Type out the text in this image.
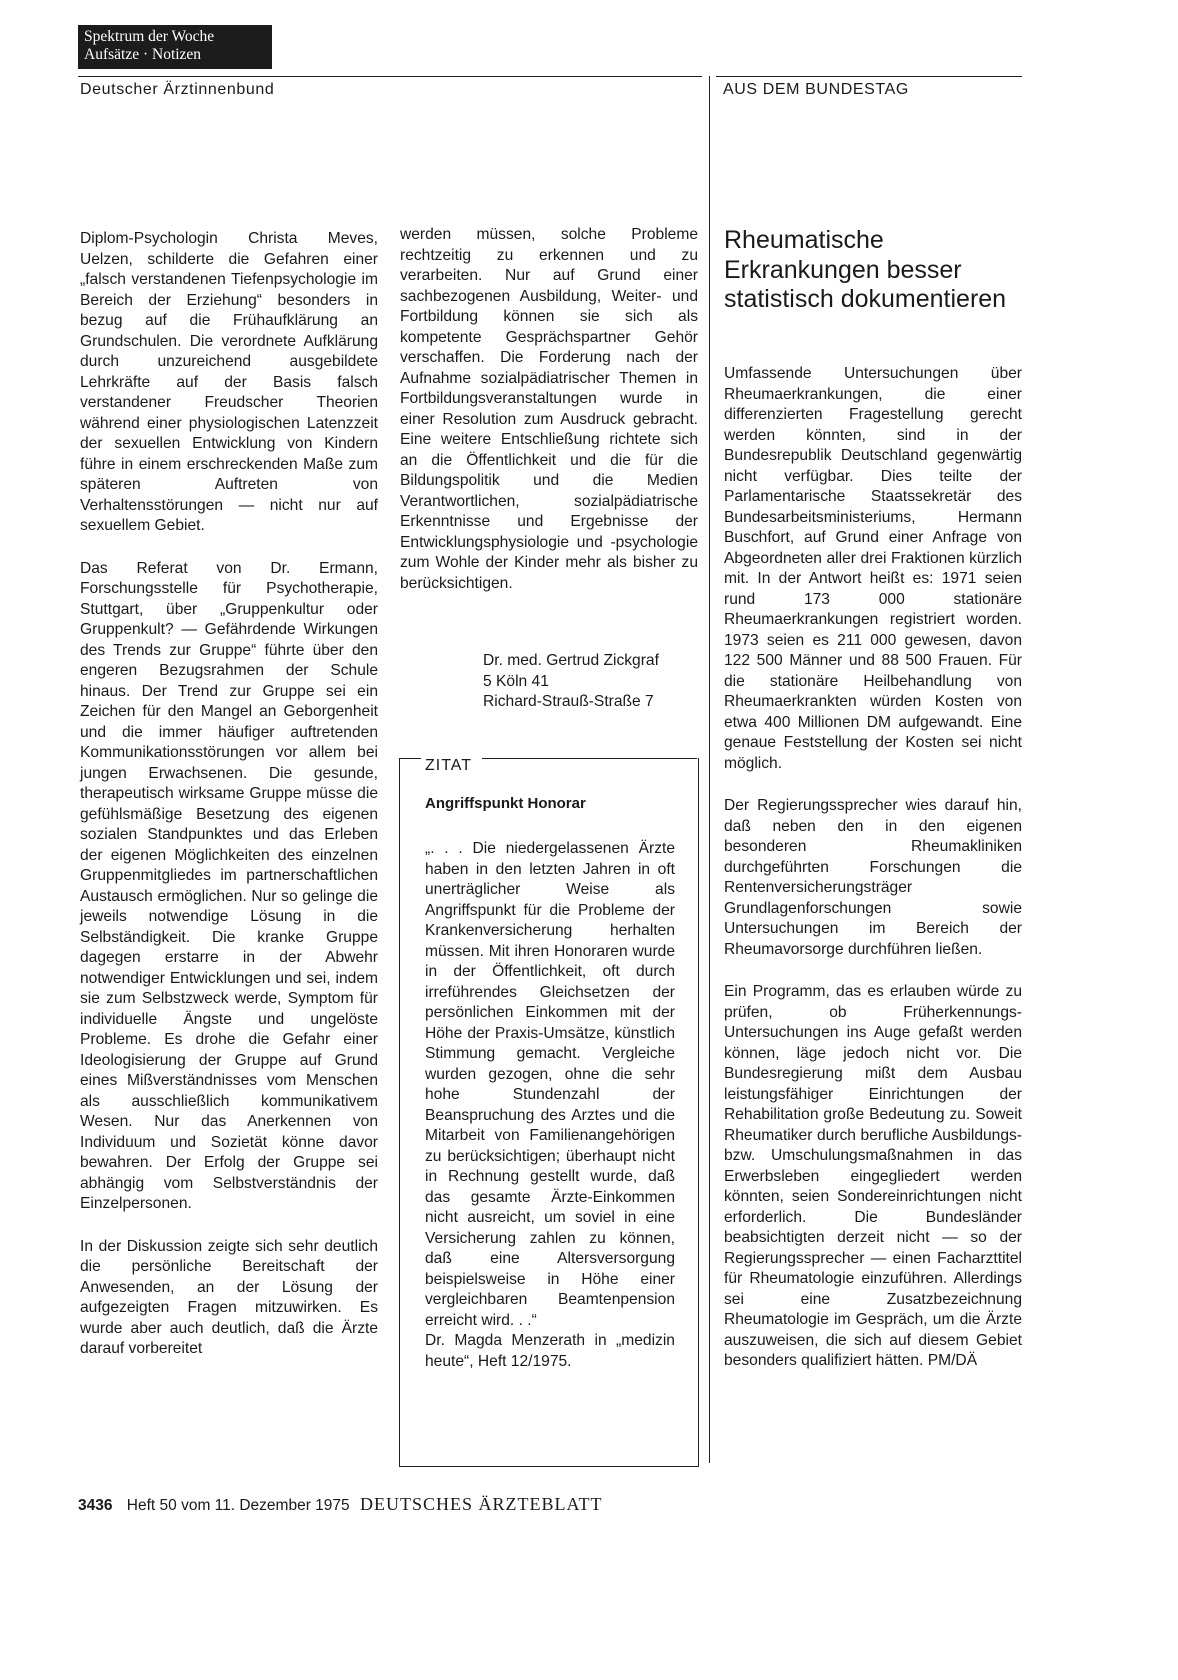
Spektrum der Woche
Aufsätze · Notizen
Deutscher Ärztinnenbund	AUS DEM BUNDESTAG

Diplom-Psychologin Christa Meves, Uelzen, schilderte die Gefahren einer „falsch verstandenen Tiefenpsychologie im Bereich der Erziehung“ besonders in bezug auf die Frühaufklärung an Grundschulen. Die verordnete Aufklärung durch unzureichend ausgebildete Lehrkräfte auf der Basis falsch verstandener Freudscher Theorien während einer physiologischen Latenzzeit der sexuellen Entwicklung von Kindern führe in einem erschreckenden Maße zum späteren Auftreten von Verhaltensstörungen — nicht nur auf sexuellem Gebiet.

Das Referat von Dr. Ermann, Forschungsstelle für Psychotherapie, Stuttgart, über „Gruppenkultur oder Gruppenkult? — Gefährdende Wirkungen des Trends zur Gruppe“ führte über den engeren Bezugsrahmen der Schule hinaus. Der Trend zur Gruppe sei ein Zeichen für den Mangel an Geborgenheit und die immer häufiger auftretenden Kommunikationsstörungen vor allem bei jungen Erwachsenen. Die gesunde, therapeutisch wirksame Gruppe müsse die gefühlsmäßige Besetzung des eigenen sozialen Standpunktes und das Erleben der eigenen Möglichkeiten des einzelnen Gruppenmitgliedes im partnerschaftlichen Austausch ermöglichen. Nur so gelinge die jeweils notwendige Lösung in die Selbständigkeit. Die kranke Gruppe dagegen erstarre in der Abwehr notwendiger Entwicklungen und sei, indem sie zum Selbstzweck werde, Symptom für individuelle Ängste und ungelöste Probleme. Es drohe die Gefahr einer Ideologisierung der Gruppe auf Grund eines Mißverständnisses vom Menschen als ausschließlich kommunikativem Wesen. Nur das Anerkennen von Individuum und Sozietät könne davor bewahren. Der Erfolg der Gruppe sei abhängig vom Selbstverständnis der Einzelpersonen.

In der Diskussion zeigte sich sehr deutlich die persönliche Bereitschaft der Anwesenden, an der Lösung der aufgezeigten Fragen mitzuwirken. Es wurde aber auch deutlich, daß die Ärzte darauf vorbereitet

werden müssen, solche Probleme rechtzeitig zu erkennen und zu verarbeiten. Nur auf Grund einer sachbezogenen Ausbildung, Weiter- und Fortbildung können sie sich als kompetente Gesprächspartner Gehör verschaffen. Die Forderung nach der Aufnahme sozialpädiatrischer Themen in Fortbildungsveranstaltungen wurde in einer Resolution zum Ausdruck gebracht. Eine weitere Entschließung richtete sich an die Öffentlichkeit und die für die Bildungspolitik und die Medien Verantwortlichen, sozialpädiatrische Erkenntnisse und Ergebnisse der Entwicklungsphysiologie und -psychologie zum Wohle der Kinder mehr als bisher zu berücksichtigen.

Dr. med. Gertrud Zickgraf
5 Köln 41
Richard-Strauß-Straße 7
ZITAT
Angriffspunkt Honorar

„. . . Die niedergelassenen Ärzte haben in den letzten Jahren in oft unerträglicher Weise als Angriffspunkt für die Probleme der Krankenversicherung herhalten müssen. Mit ihren Honoraren wurde in der Öffentlichkeit, oft durch irreführendes Gleichsetzen der persönlichen Einkommen mit der Höhe der Praxis-Umsätze, künstlich Stimmung gemacht. Vergleiche wurden gezogen, ohne die sehr hohe Stundenzahl der Beanspruchung des Arztes und die Mitarbeit von Familienangehörigen zu berücksichtigen; überhaupt nicht in Rechnung gestellt wurde, daß das gesamte Ärzte-Einkommen nicht ausreicht, um soviel in eine Versicherung zahlen zu können, daß eine Altersversorgung beispielsweise in Höhe einer vergleichbaren Beamtenpension erreicht wird. . .“

Dr. Magda Menzerath in „medizin heute“, Heft 12/1975.

Rheumatische Erkrankungen besser statistisch dokumentieren

Umfassende Untersuchungen über Rheumaerkrankungen, die einer differenzierten Fragestellung gerecht werden könnten, sind in der Bundesrepublik Deutschland gegenwärtig nicht verfügbar. Dies teilte der Parlamentarische Staatssekretär des Bundesarbeitsministeriums, Hermann Buschfort, auf Grund einer Anfrage von Abgeordneten aller drei Fraktionen kürzlich mit. In der Antwort heißt es: 1971 seien rund 173 000 stationäre Rheumaerkrankungen registriert worden. 1973 seien es 211 000 gewesen, davon 122 500 Männer und 88 500 Frauen. Für die stationäre Heilbehandlung von Rheumaerkrankten würden Kosten von etwa 400 Millionen DM aufgewandt. Eine genaue Feststellung der Kosten sei nicht möglich.

Der Regierungssprecher wies darauf hin, daß neben den in den eigenen besonderen Rheumakliniken durchgeführten Forschungen die Rentenversicherungsträger Grundlagenforschungen sowie Untersuchungen im Bereich der Rheumavorsorge durchführen ließen.

Ein Programm, das es erlauben würde zu prüfen, ob Früherkennungs-Untersuchungen ins Auge gefaßt werden können, läge jedoch nicht vor. Die Bundesregierung mißt dem Ausbau leistungsfähiger Einrichtungen der Rehabilitation große Bedeutung zu. Soweit Rheumatiker durch berufliche Ausbildungs- bzw. Umschulungsmaßnahmen in das Erwerbsleben eingegliedert werden könnten, seien Sondereinrichtungen nicht erforderlich. Die Bundesländer beabsichtigten derzeit nicht — so der Regierungssprecher — einen Facharzttitel für Rheumatologie einzuführen. Allerdings sei eine Zusatzbezeichnung Rheumatologie im Gespräch, um die Ärzte auszuweisen, die sich auf diesem Gebiet besonders qualifiziert hätten. PM/DÄ

3436 Heft 50 vom 11. Dezember 1975 DEUTSCHES ÄRZTEBLATT
